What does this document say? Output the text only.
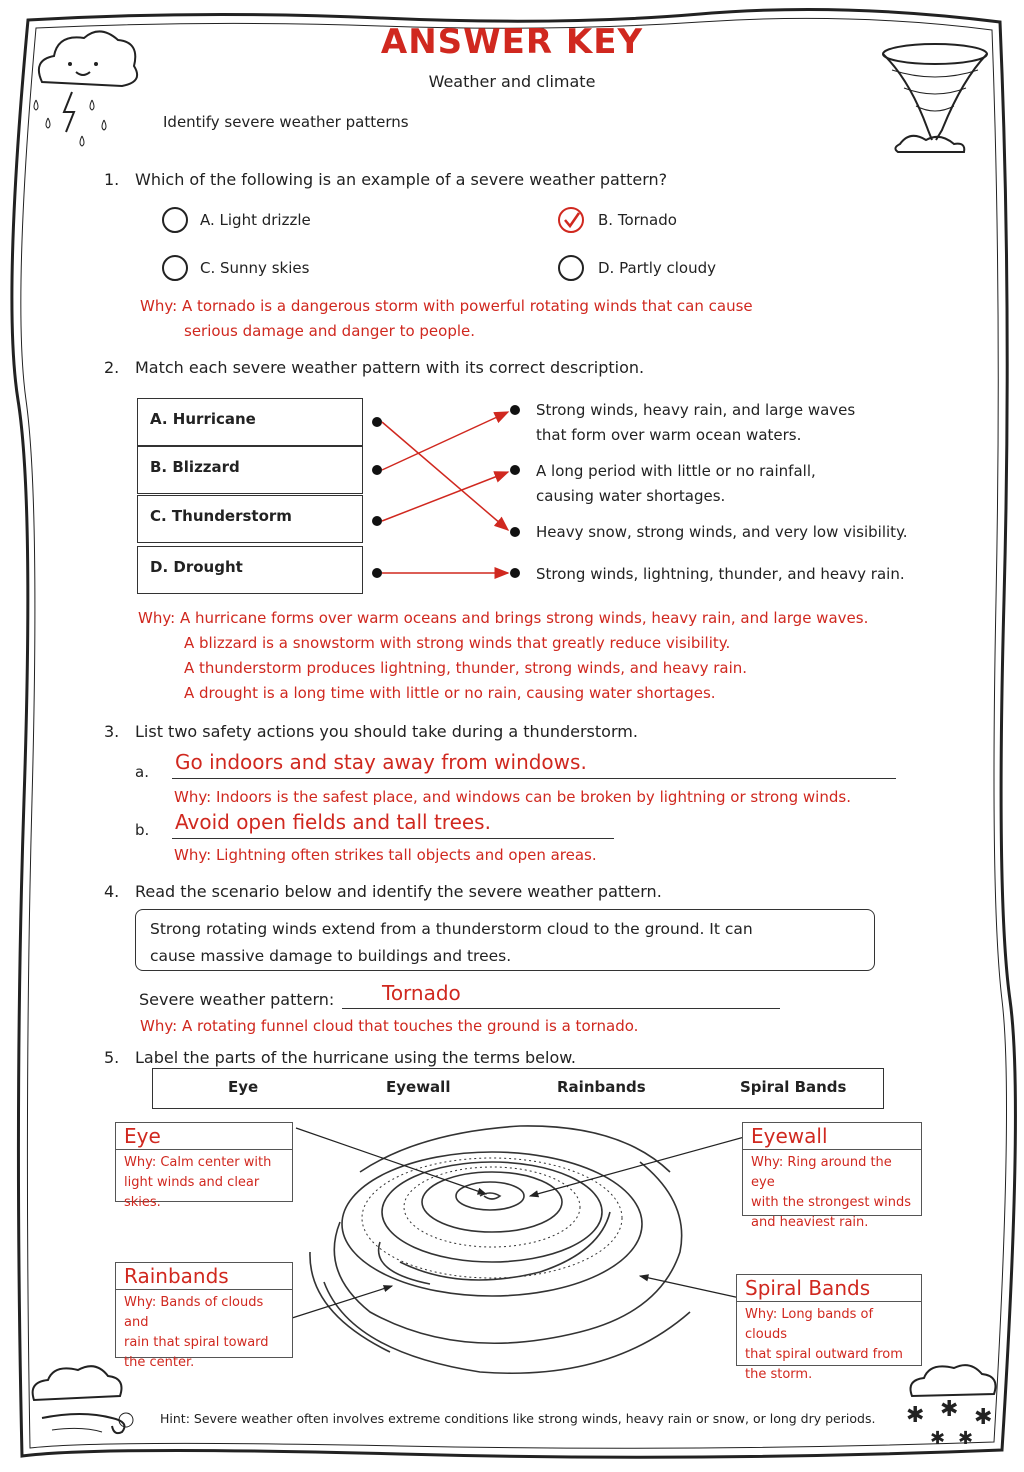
✱ ✱ ✱
✱ ✱
ANSWER KEY
Weather and climate
Identify severe weather patterns
1. Which of the following is an example of a severe weather pattern?
A. Light drizzle	B. Tornado
C. Sunny skies	D. Partly cloudy
Why: A tornado is a dangerous storm with powerful rotating winds that can cause
serious damage and danger to people.
2. Match each severe weather pattern with its correct description.
A. Hurricane
B. Blizzard
C. Thunderstorm
D. Drought
Strong winds, heavy rain, and large waves
that form over warm ocean waters.
A long period with little or no rainfall,
causing water shortages.
Heavy snow, strong winds, and very low visibility.
Strong winds, lightning, thunder, and heavy rain.
Why: A hurricane forms over warm oceans and brings strong winds, heavy rain, and large waves.
A blizzard is a snowstorm with strong winds that greatly reduce visibility.
A thunderstorm produces lightning, thunder, strong winds, and heavy rain.
A drought is a long time with little or no rain, causing water shortages.
3. List two safety actions you should take during a thunderstorm.
a. Go indoors and stay away from windows.
Why: Indoors is the safest place, and windows can be broken by lightning or strong winds.
b. Avoid open fields and tall trees.
Why: Lightning often strikes tall objects and open areas.
4. Read the scenario below and identify the severe weather pattern.
Strong rotating winds extend from a thunderstorm cloud to the ground. It can
cause massive damage to buildings and trees.
Severe weather pattern:	Tornado
Why: A rotating funnel cloud that touches the ground is a tornado.
5. Label the parts of the hurricane using the terms below.
Eye	Eyewall	Rainbands	Spiral Bands
Eye
Why: Calm center with
light winds and clear skies.
Eyewall
Why: Ring around the eye
with the strongest winds
and heaviest rain.
Rainbands
Why: Bands of clouds and
rain that spiral toward
the center.
Spiral Bands
Why: Long bands of clouds
that spiral outward from
the storm.
Hint: Severe weather often involves extreme conditions like strong winds, heavy rain or snow, or long dry periods.
